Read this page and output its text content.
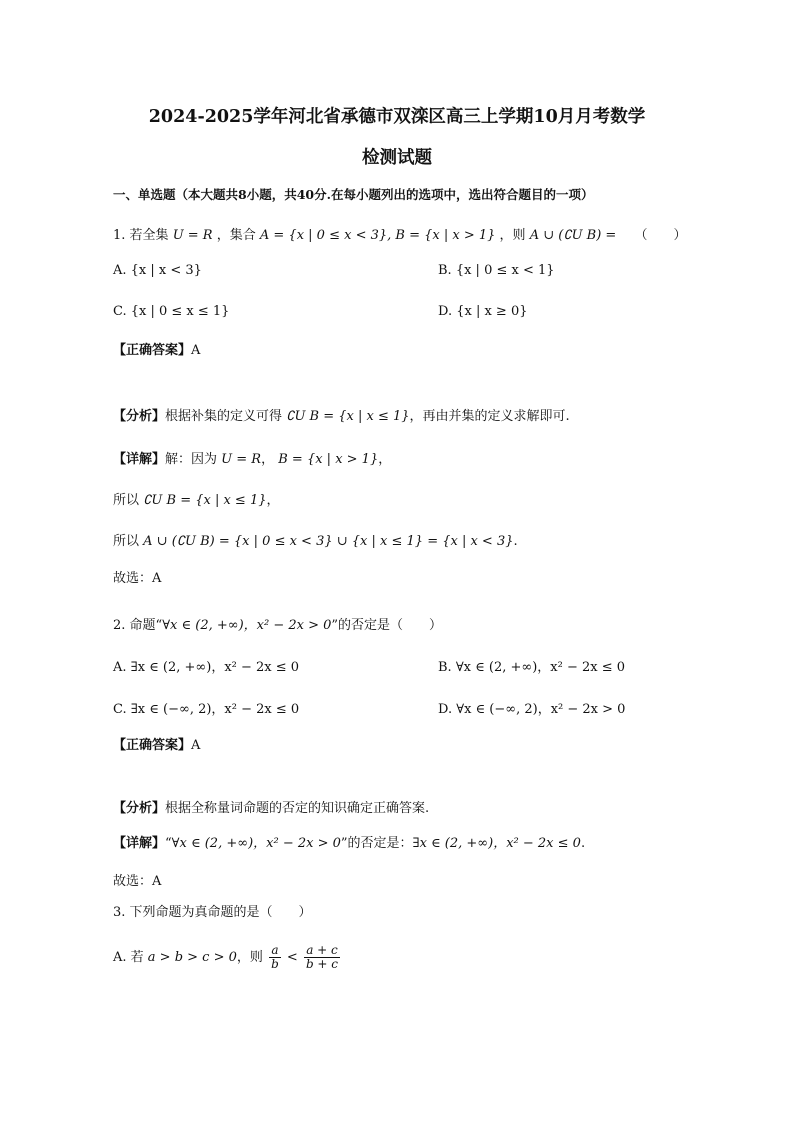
2024-2025学年河北省承德市双滦区高三上学期10月月考数学
检测试题
一、单选题（本大题共8小题，共40分.在每小题列出的选项中，选出符合题目的一项）
1. 若全集 U = R ，集合 A = {x | 0 ≤ x < 3}, B = {x | x > 1} ，则 A ∪ (∁U B) = （　　）
A. {x | x < 3}	B. {x | 0 ≤ x < 1}
C. {x | 0 ≤ x ≤ 1}	D. {x | x ≥ 0}
【正确答案】A
【分析】根据补集的定义可得 ∁U B = {x | x ≤ 1}，再由并集的定义求解即可.
【详解】解：因为 U = R， B = {x | x > 1}，
所以 ∁U B = {x | x ≤ 1}，
所以 A ∪ (∁U B) = {x | 0 ≤ x < 3} ∪ {x | x ≤ 1} = {x | x < 3}.
故选：A
2. 命题“∀x ∈ (2, +∞)，x² − 2x > 0”的否定是（　　）
A. ∃x ∈ (2, +∞)，x² − 2x ≤ 0	B. ∀x ∈ (2, +∞)，x² − 2x ≤ 0
C. ∃x ∈ (−∞, 2)，x² − 2x ≤ 0	D. ∀x ∈ (−∞, 2)，x² − 2x > 0
【正确答案】A
【分析】根据全称量词命题的否定的知识确定正确答案.
【详解】“∀x ∈ (2, +∞)，x² − 2x > 0”的否定是：∃x ∈ (2, +∞)，x² − 2x ≤ 0.
故选：A
3. 下列命题为真命题的是（　　）
A. 若 a > b > c > 0，则 $\frac{a}{b} < \frac{a + c}{b + c}$
